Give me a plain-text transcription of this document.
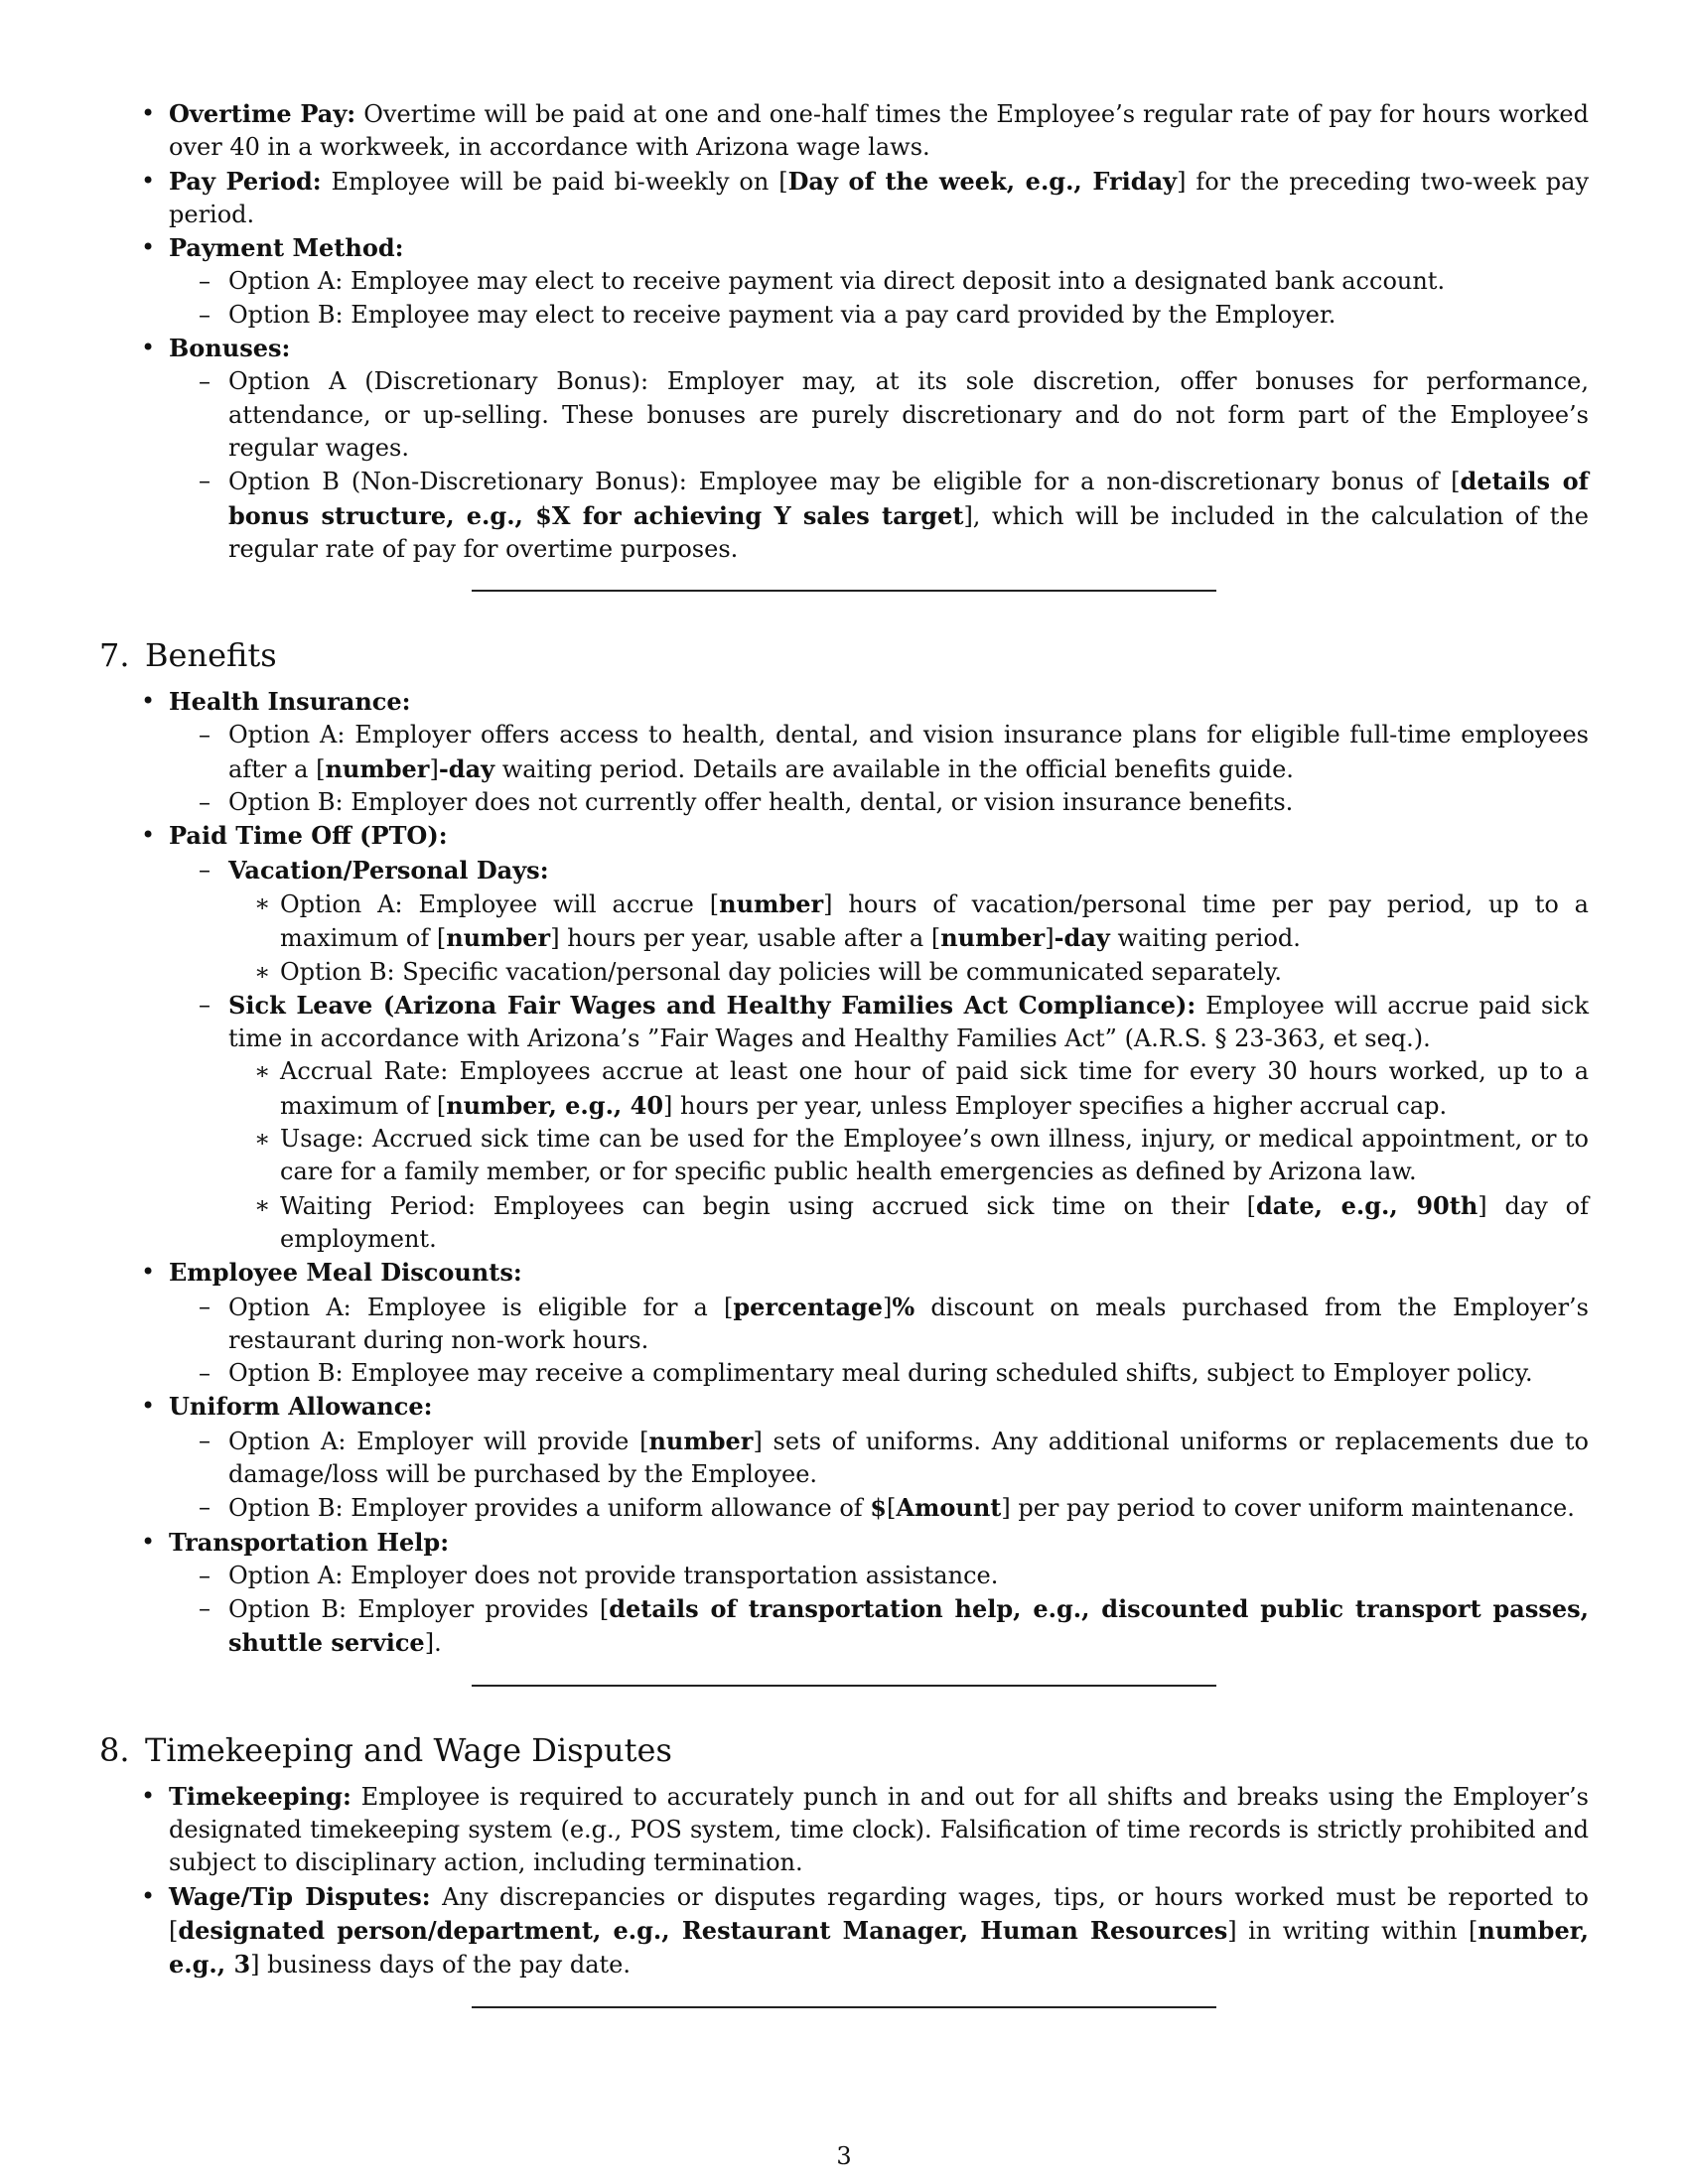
• Overtime Pay: Overtime will be paid at one and one-half times the Employee’s regular rate of pay for hours worked over 40 in a workweek, in accordance with Arizona wage laws.
• Pay Period: Employee will be paid bi-weekly on [Day of the week, e.g., Friday] for the preceding two-week pay period.
• Payment Method:
– Option A: Employee may elect to receive payment via direct deposit into a designated bank account.
– Option B: Employee may elect to receive payment via a pay card provided by the Employer.
• Bonuses:
– Option A (Discretionary Bonus): Employer may, at its sole discretion, offer bonuses for performance, attendance, or up-selling. These bonuses are purely discretionary and do not form part of the Employee’s regular wages.
– Option B (Non-Discretionary Bonus): Employee may be eligible for a non-discretionary bonus of [details of bonus structure, e.g., $X for achieving Y sales target], which will be included in the calculation of the regular rate of pay for overtime purposes.
7. Benefits
• Health Insurance:
– Option A: Employer offers access to health, dental, and vision insurance plans for eligible full-time employees after a [number]-day waiting period. Details are available in the official benefits guide.
– Option B: Employer does not currently offer health, dental, or vision insurance benefits.
• Paid Time Off (PTO):
– Vacation/Personal Days:
∗ Option A: Employee will accrue [number] hours of vacation/personal time per pay period, up to a maximum of [number] hours per year, usable after a [number]-day waiting period.
∗ Option B: Specific vacation/personal day policies will be communicated separately.
– Sick Leave (Arizona Fair Wages and Healthy Families Act Compliance): Employee will accrue paid sick time in accordance with Arizona’s ”Fair Wages and Healthy Families Act” (A.R.S. § 23-363, et seq.).
∗ Accrual Rate: Employees accrue at least one hour of paid sick time for every 30 hours worked, up to a maximum of [number, e.g., 40] hours per year, unless Employer specifies a higher accrual cap.
∗ Usage: Accrued sick time can be used for the Employee’s own illness, injury, or medical appointment, or to care for a family member, or for specific public health emergencies as defined by Arizona law.
∗ Waiting Period: Employees can begin using accrued sick time on their [date, e.g., 90th] day of employment.
• Employee Meal Discounts:
– Option A: Employee is eligible for a [percentage]% discount on meals purchased from the Employer’s restaurant during non-work hours.
– Option B: Employee may receive a complimentary meal during scheduled shifts, subject to Employer policy.
• Uniform Allowance:
– Option A: Employer will provide [number] sets of uniforms. Any additional uniforms or replacements due to damage/loss will be purchased by the Employee.
– Option B: Employer provides a uniform allowance of $[Amount] per pay period to cover uniform maintenance.
• Transportation Help:
– Option A: Employer does not provide transportation assistance.
– Option B: Employer provides [details of transportation help, e.g., discounted public transport passes, shuttle service].
8. Timekeeping and Wage Disputes
• Timekeeping: Employee is required to accurately punch in and out for all shifts and breaks using the Employer’s designated timekeeping system (e.g., POS system, time clock). Falsification of time records is strictly prohibited and subject to disciplinary action, including termination.
• Wage/Tip Disputes: Any discrepancies or disputes regarding wages, tips, or hours worked must be reported to [designated person/department, e.g., Restaurant Manager, Human Resources] in writing within [number, e.g., 3] business days of the pay date.
3
